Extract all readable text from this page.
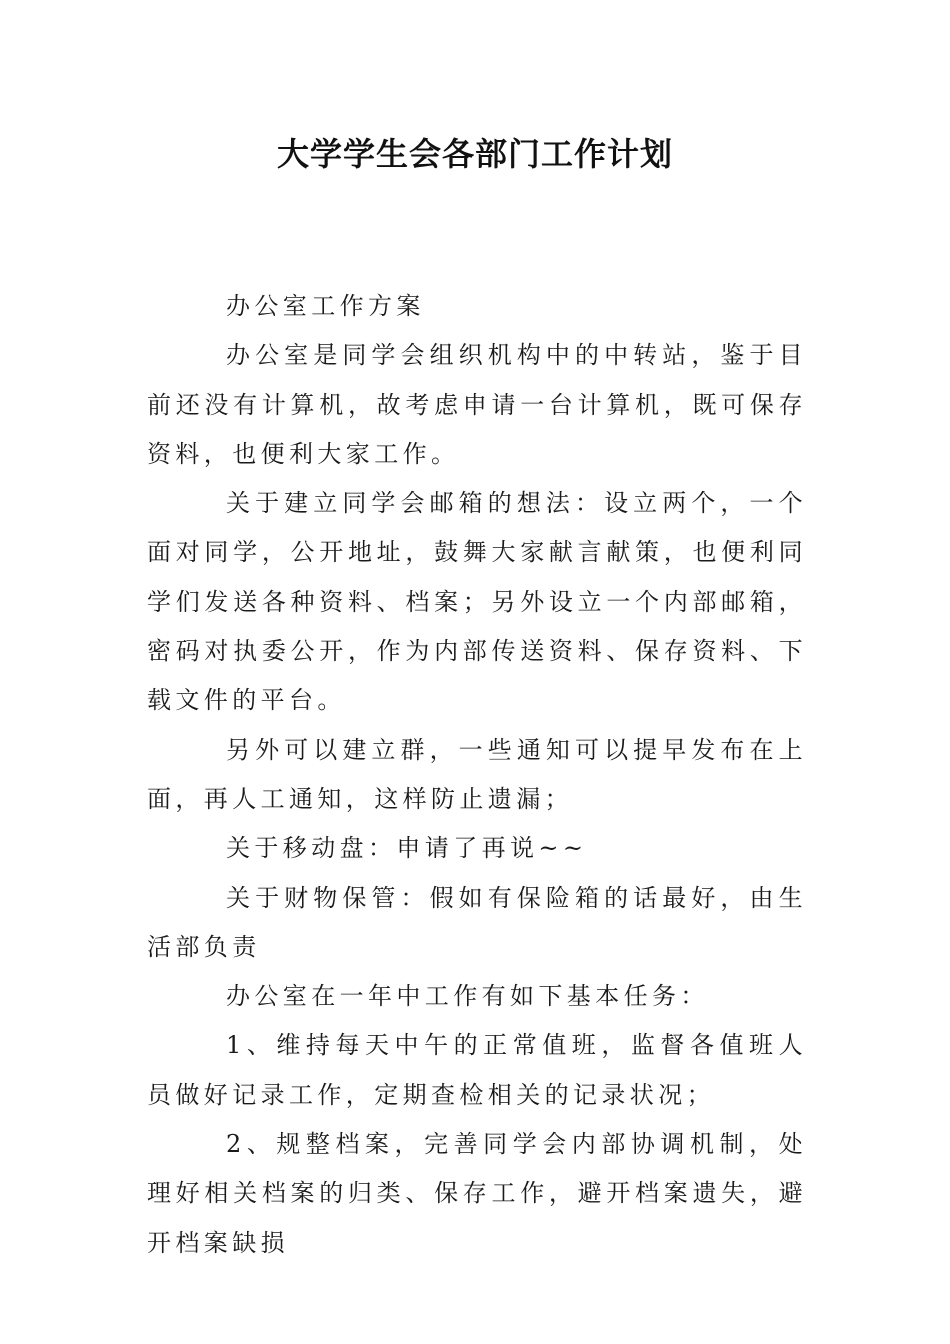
大学学生会各部门工作计划

办公室工作方案

办公室是同学会组织机构中的中转站，鉴于目前还没有计算机，故考虑申请一台计算机，既可保存资料，也便利大家工作。

关于建立同学会邮箱的想法：设立两个，一个面对同学，公开地址，鼓舞大家献言献策，也便利同学们发送各种资料、档案；另外设立一个内部邮箱，密码对执委公开，作为内部传送资料、保存资料、下载文件的平台。

另外可以建立群，一些通知可以提早发布在上面，再人工通知，这样防止遗漏；

关于移动盘：申请了再说~~

关于财物保管：假如有保险箱的话最好，由生活部负责

办公室在一年中工作有如下基本任务：

1、维持每天中午的正常值班，监督各值班人员做好记录工作，定期查检相关的记录状况；

2、规整档案，完善同学会内部协调机制，处理好相关档案的归类、保存工作，避开档案遗失，避开档案缺损
